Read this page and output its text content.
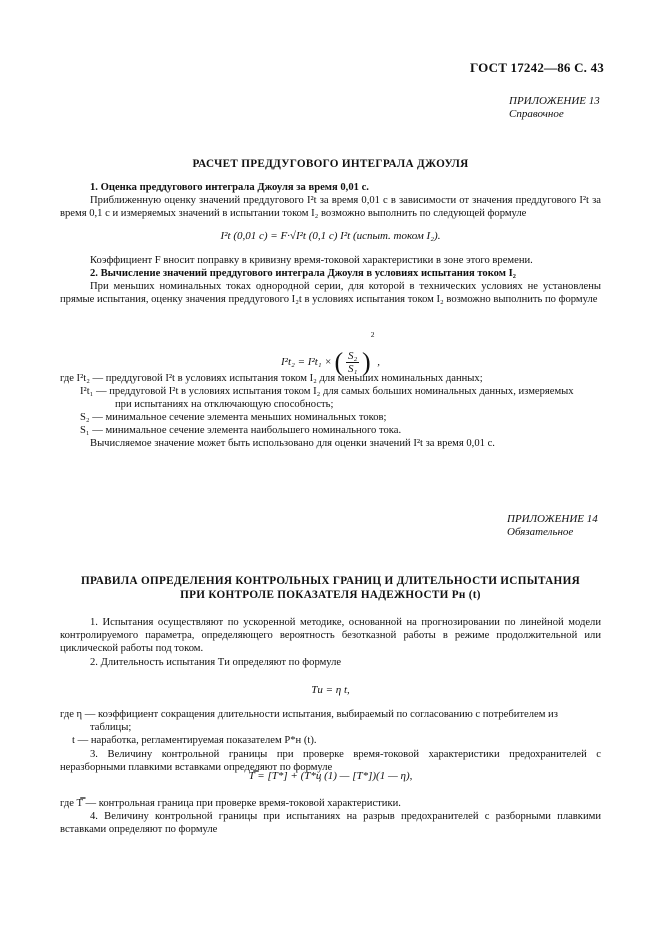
ГОСТ 17242—86 С. 43
ПРИЛОЖЕНИЕ 13
Справочное
РАСЧЕТ ПРЕДДУГОВОГО ИНТЕГРАЛА ДЖОУЛЯ
1. Оценка преддугового интеграла Джоуля за время 0,01 с.
Приближенную оценку значений преддугового I²t за время 0,01 с в зависимости от значения преддугового I²t за время 0,1 с и измеряемых значений в испытании током I₂ возможно выполнить по следующей формуле
I²t (0,01 с) = F·√I²t (0,1 с) I²t (испыт. током I₂).
Коэффициент F вносит поправку в кривизну время-токовой характеристики в зоне этого времени.
2. Вычисление значений преддугового интеграла Джоуля в условиях испытания током I₂
При меньших номинальных токах однородной серии, для которой в технических условиях не установлены прямые испытания, оценку значения преддугового I₂t в условиях испытания током I₂ возможно выполнить по формуле
I²t₂ = I²t₁ × ( $\frac{\text{S₂}}{\text{S₁}} )^2$ ,
где I²t₂ — преддуговой I²t в условиях испытания током I₂ для меньших номинальных данных;
I²t₁ — преддуговой I²t в условиях испытания током I₂ для самых больших номинальных данных, измеряемых
при испытаниях на отключающую способность;
S₂ — минимальное сечение элемента меньших номинальных токов;
S₁ — минимальное сечение элемента наибольшего номинального тока.
Вычисляемое значение может быть использовано для оценки значений I²t за время 0,01 с.
ПРИЛОЖЕНИЕ 14
Обязательное
ПРАВИЛА ОПРЕДЕЛЕНИЯ КОНТРОЛЬНЫХ ГРАНИЦ И ДЛИТЕЛЬНОСТИ ИСПЫТАНИЯ
ПРИ КОНТРОЛЕ ПОКАЗАТЕЛЯ НАДЕЖНОСТИ Pн (t)
1. Испытания осуществляют по ускоренной методике, основанной на прогнозировании по линейной модели контролируемого параметра, определяющего вероятность безотказной работы в режиме продолжительной или циклической работы под током.
2. Длительность испытания Tи определяют по формуле
Tи = η t,
где η — коэффициент сокращения длительности испытания, выбираемый по согласованию с потребителем из
таблицы;
t — наработка, регламентируемая показателем P*н (t).
3. Величину контрольной границы при проверке время-токовой характеристики предохранителей с неразборными плавкими вставками определяют по формуле
T̿ = [T*] + (T*ц (1) — [T*])(1 — η),
где T̿ — контрольная граница при проверке время-токовой характеристики.
4. Величину контрольной границы при испытаниях на разрыв предохранителей с разборными плавкими вставками определяют по формуле
